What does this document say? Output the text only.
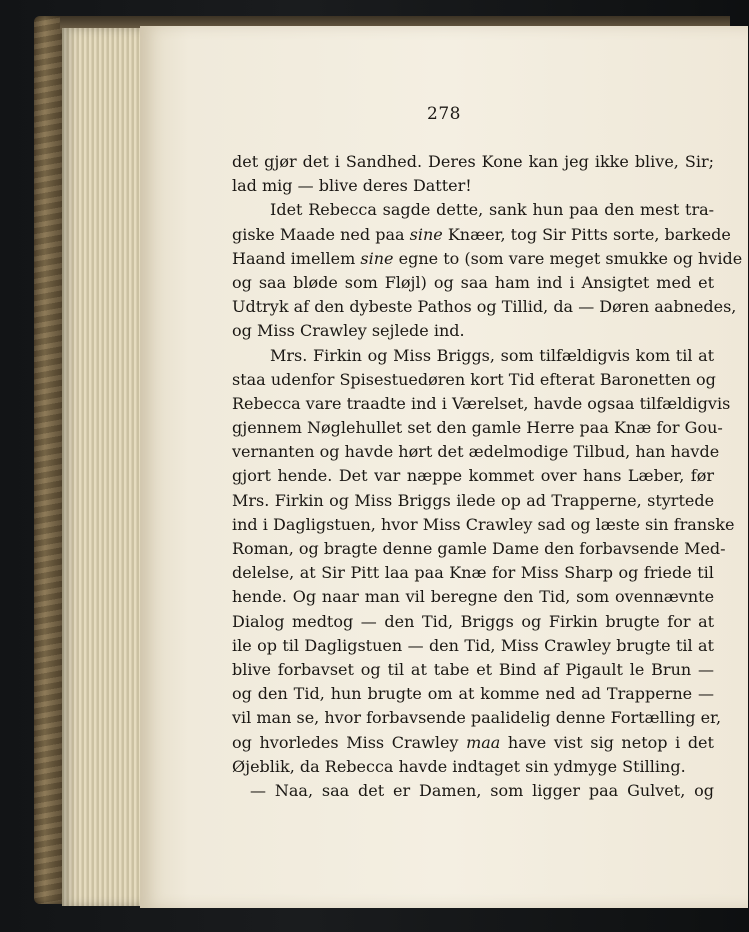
278
det gjør det i Sandhed. Deres Kone kan jeg ikke blive, Sir;
lad mig — blive deres Datter!
Idet Rebecca sagde dette, sank hun paa den mest tra-
giske Maade ned paa sine Knæer, tog Sir Pitts sorte, barkede
Haand imellem sine egne to (som vare meget smukke og hvide
og saa bløde som Fløjl) og saa ham ind i Ansigtet med et
Udtryk af den dybeste Pathos og Tillid, da — Døren aabnedes,
og Miss Crawley sejlede ind.
Mrs. Firkin og Miss Briggs, som tilfældigvis kom til at
staa udenfor Spisestuedøren kort Tid efterat Baronetten og
Rebecca vare traadte ind i Værelset, havde ogsaa tilfældigvis
gjennem Nøglehullet set den gamle Herre paa Knæ for Gou-
vernanten og havde hørt det ædelmodige Tilbud, han havde
gjort hende. Det var næppe kommet over hans Læber, før
Mrs. Firkin og Miss Briggs ilede op ad Trapperne, styrtede
ind i Dagligstuen, hvor Miss Crawley sad og læste sin franske
Roman, og bragte denne gamle Dame den forbavsende Med-
delelse, at Sir Pitt laa paa Knæ for Miss Sharp og friede til
hende. Og naar man vil beregne den Tid, som ovennævnte
Dialog medtog — den Tid, Briggs og Firkin brugte for at
ile op til Dagligstuen — den Tid, Miss Crawley brugte til at
blive forbavset og til at tabe et Bind af Pigault le Brun —
og den Tid, hun brugte om at komme ned ad Trapperne —
vil man se, hvor forbavsende paalidelig denne Fortælling er,
og hvorledes Miss Crawley maa have vist sig netop i det
Øjeblik, da Rebecca havde indtaget sin ydmyge Stilling.
— Naa, saa det er Damen, som ligger paa Gulvet, og
